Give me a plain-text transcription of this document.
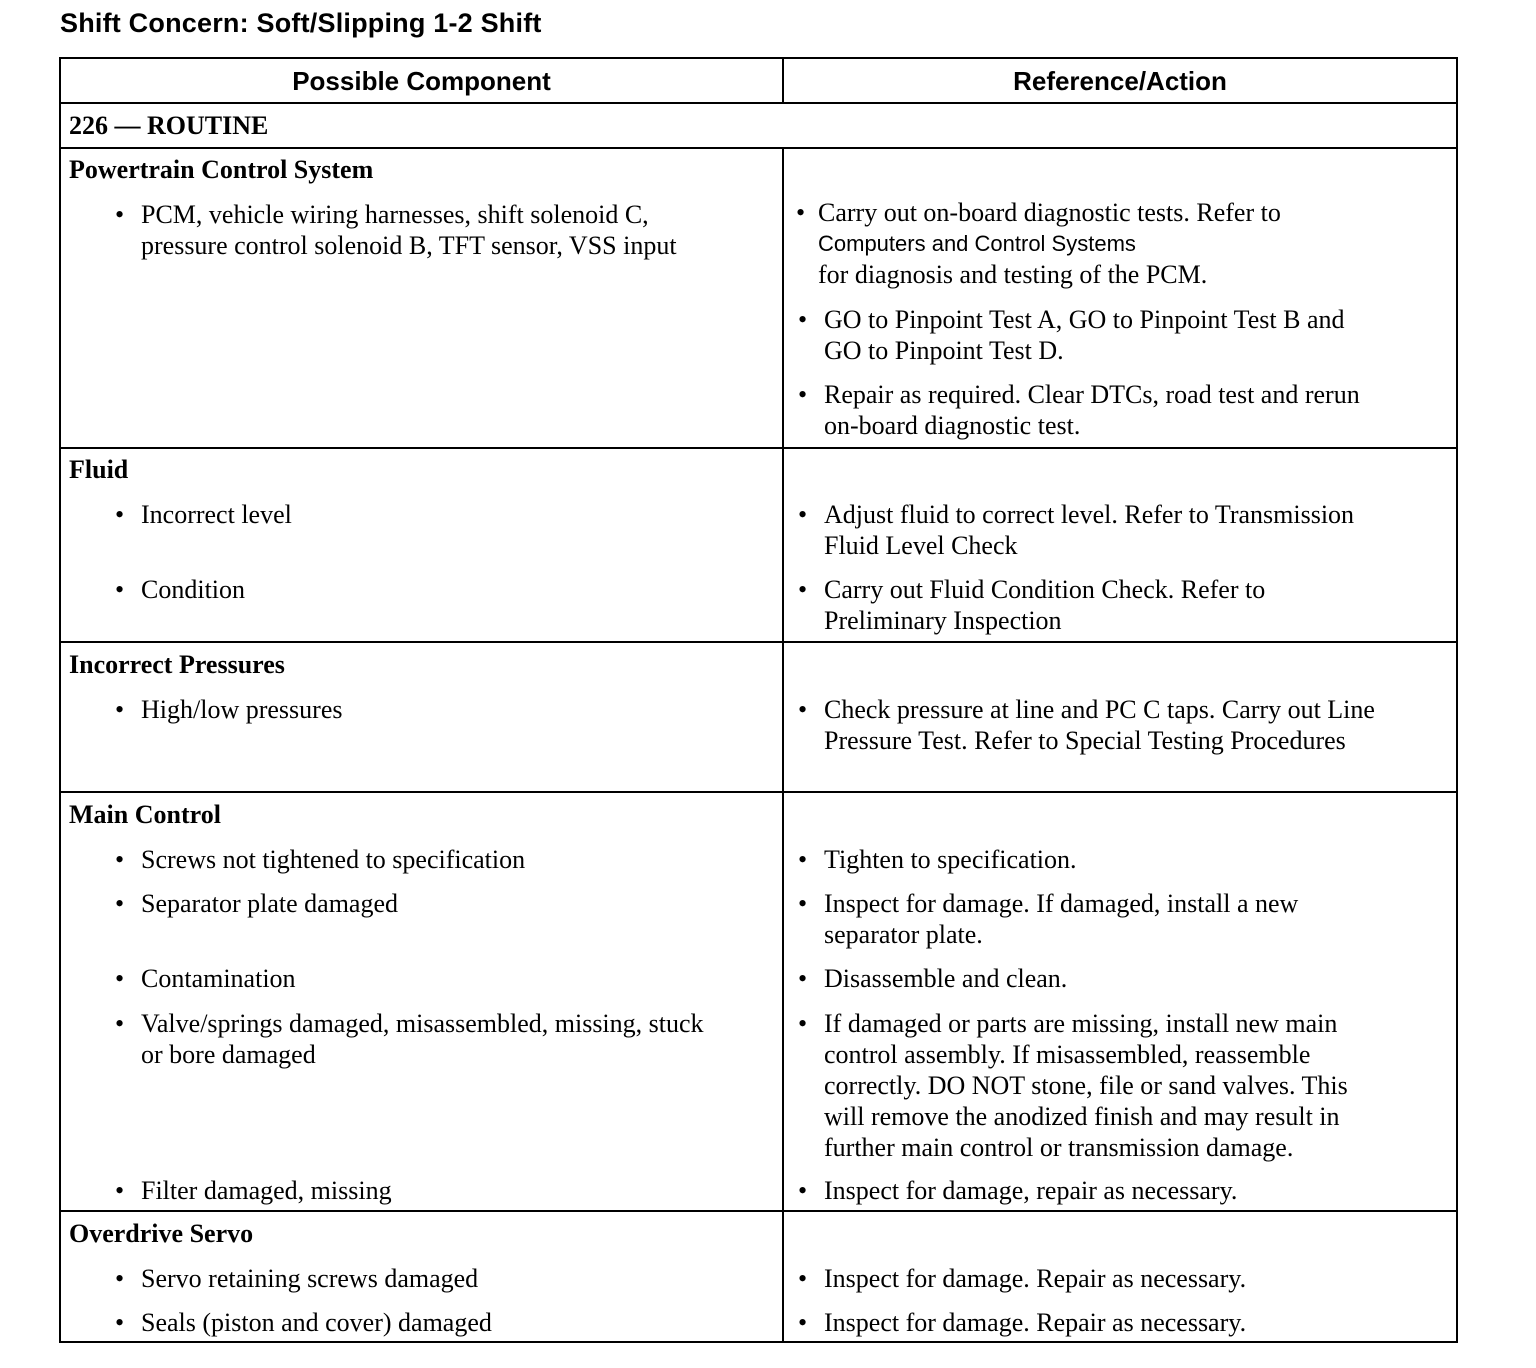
Shift Concern: Soft/Slipping 1-2 Shift
Possible Component	Reference/Action
226 — ROUTINE
Powertrain Control System
• PCM, vehicle wiring harnesses, shift solenoid C,
pressure control solenoid B, TFT sensor, VSS input
• Carry out on-board diagnostic tests. Refer to
Computers and Control Systems
for diagnosis and testing of the PCM.
• GO to Pinpoint Test A, GO to Pinpoint Test B and
GO to Pinpoint Test D.
• Repair as required. Clear DTCs, road test and rerun
on-board diagnostic test.
Fluid
• Incorrect level
• Condition
• Adjust fluid to correct level. Refer to Transmission
Fluid Level Check
• Carry out Fluid Condition Check. Refer to
Preliminary Inspection
Incorrect Pressures
• High/low pressures	• Check pressure at line and PC C taps. Carry out Line
Pressure Test. Refer to Special Testing Procedures
Main Control
• Screws not tightened to specification
• Separator plate damaged
• Contamination
• Valve/springs damaged, misassembled, missing, stuck
or bore damaged
• Filter damaged, missing
• Tighten to specification.
• Inspect for damage. If damaged, install a new
separator plate.
• Disassemble and clean.
• If damaged or parts are missing, install new main
control assembly. If misassembled, reassemble
correctly. DO NOT stone, file or sand valves. This
will remove the anodized finish and may result in
further main control or transmission damage.
• Inspect for damage, repair as necessary.
Overdrive Servo
• Servo retaining screws damaged
• Seals (piston and cover) damaged
• Inspect for damage. Repair as necessary.
• Inspect for damage. Repair as necessary.
